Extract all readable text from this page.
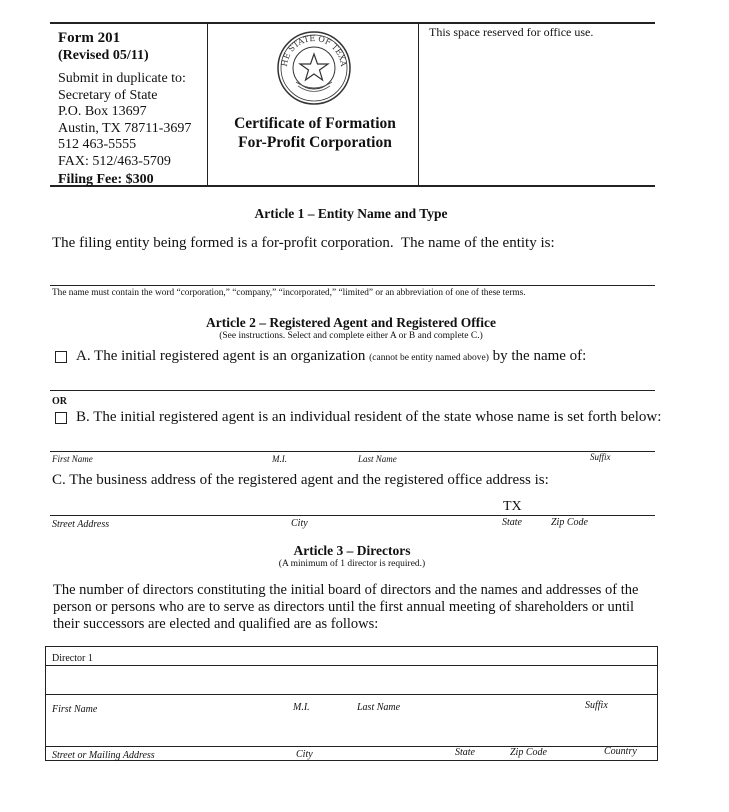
Form 201
(Revised 05/11)
Submit in duplicate to:
Secretary of State
P.O. Box 13697
Austin, TX 78711-3697
512 463-5555
FAX: 512/463-5709
Filing Fee: $300
HE STATE OF TEXA
Certificate of Formation
For-Profit Corporation
This space reserved for office use.
Article 1 – Entity Name and Type
The filing entity being formed is a for-profit corporation.  The name of the entity is:
The name must contain the word “corporation,” “company,” “incorporated,” “limited” or an abbreviation of one of these terms.
Article 2 – Registered Agent and Registered Office
(See instructions. Select and complete either A or B and complete C.)
A. The initial registered agent is an organization (cannot be entity named above) by the name of:
OR
B. The initial registered agent is an individual resident of the state whose name is set forth below:
First Name	M.I.	Last Name	Suffix
C. The business address of the registered agent and the registered office address is:
TX
Street Address	City	State	Zip Code
Article 3 – Directors
(A minimum of 1 director is required.)
The number of directors constituting the initial board of directors and the names and addresses of the
person or persons who are to serve as directors until the first annual meeting of shareholders or until
their successors are elected and qualified are as follows:
Director 1
First Name	M.I.	Last Name	Suffix
Street or Mailing Address	City	State	Zip Code	Country
